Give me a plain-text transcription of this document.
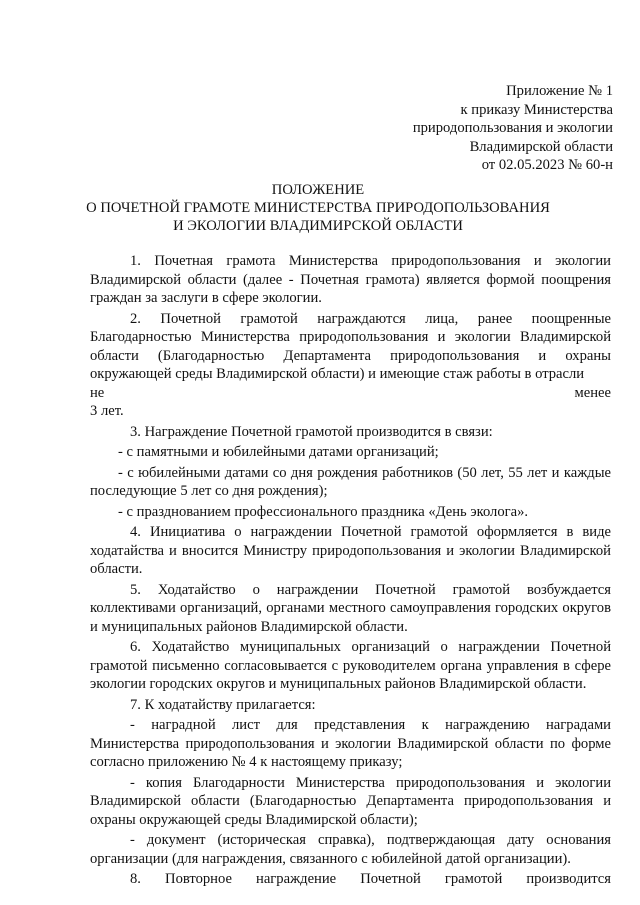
Приложение № 1
к приказу Министерства
природопользования и экологии
Владимирской области
от 02.05.2023 № 60-н
ПОЛОЖЕНИЕ
О ПОЧЕТНОЙ ГРАМОТЕ МИНИСТЕРСТВА ПРИРОДОПОЛЬЗОВАНИЯ
И ЭКОЛОГИИ ВЛАДИМИРСКОЙ ОБЛАСТИ

1. Почетная грамота Министерства природопользования и экологии Владимирской области (далее - Почетная грамота) является формой поощрения граждан за заслуги в сфере экологии.

2. Почетной грамотой награждаются лица, ранее поощренные Благодарностью Министерства природопользования и экологии Владимирской области (Благодарностью Департамента природопользования и охраны окружающей среды Владимирской области) и имеющие стаж работы в отрасли

не	менее

3 лет.

3. Награждение Почетной грамотой производится в связи:

- с памятными и юбилейными датами организаций;

- с юбилейными датами со дня рождения работников (50 лет, 55 лет и каждые последующие 5 лет со дня рождения);

- с празднованием профессионального праздника «День эколога».

4. Инициатива о награждении Почетной грамотой оформляется в виде ходатайства и вносится Министру природопользования и экологии Владимирской области.

5. Ходатайство о награждении Почетной грамотой возбуждается коллективами организаций, органами местного самоуправления городских округов и муниципальных районов Владимирской области.

6. Ходатайство муниципальных организаций о награждении Почетной грамотой письменно согласовывается с руководителем органа управления в сфере экологии городских округов и муниципальных районов Владимирской области.

7. К ходатайству прилагается:

- наградной лист для представления к награждению наградами Министерства природопользования и экологии Владимирской области по форме согласно приложению № 4 к настоящему приказу;

- копия Благодарности Министерства природопользования и экологии Владимирской области (Благодарностью Департамента природопользования и охраны окружающей среды Владимирской области);

- документ (историческая справка), подтверждающая дату основания организации (для награждения, связанного с юбилейной датой организации).

8. Повторное награждение Почетной грамотой производится
